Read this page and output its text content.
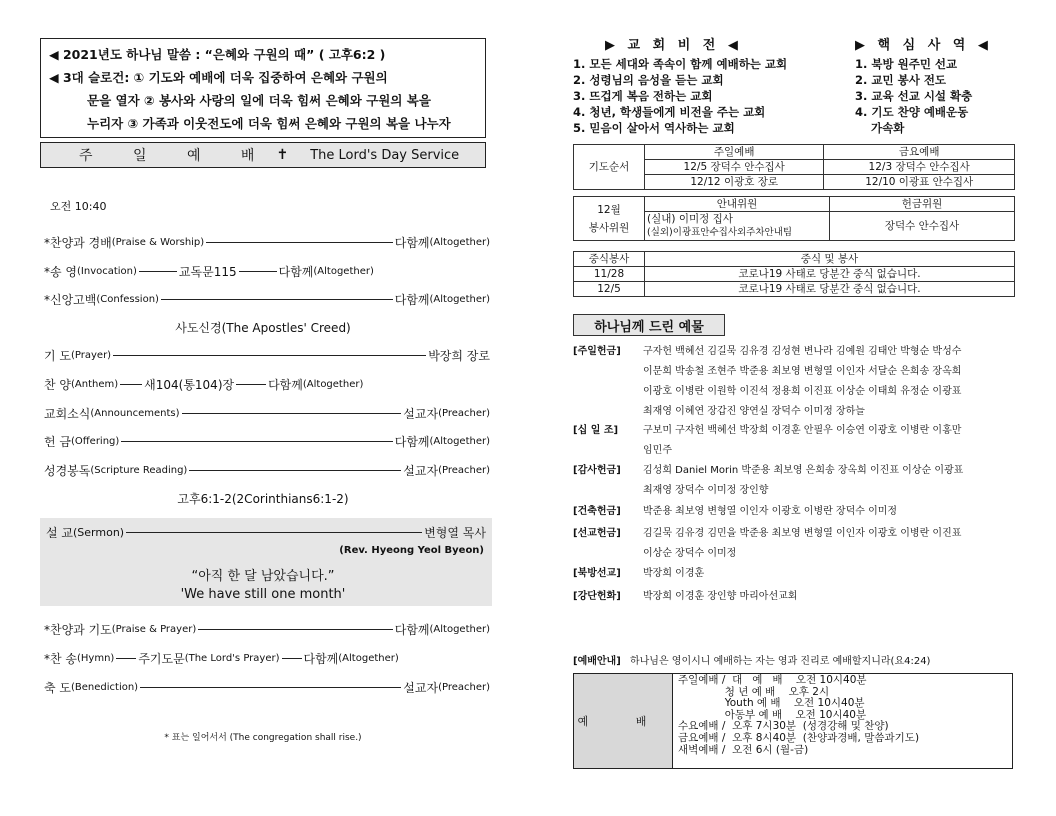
◀ 2021년도 하나님 말씀 : “은혜와 구원의 때” ( 고후6:2 )
◀ 3대 슬로건: ① 기도와 예배에 더욱 집중하여 은혜와 구원의
문을 열자 ② 봉사와 사랑의 일에 더욱 힘써 은혜와 구원의 복을
누리자 ③ 가족과 이웃전도에 더욱 힘써 은혜와 구원의 복을 나누자
주 일 예 배 ✝ The Lord's Day Service
오전 10:40
*찬양과 경배 (Praise & Worship)	다함께 (Altogether)
*송 영 (Invocation)	교독문115	다함께 (Altogether)
*신앙고백 (Confession)	다함께 (Altogether)
사도신경(The Apostles' Creed)
기 도 (Prayer)	박장희 장로
찬 양 (Anthem) 새104(통104)장	다함께 (Altogether)
교회소식 (Announcements)	설교자 (Preacher)
헌 금 (Offering)	다함께 (Altogether)
성경봉독 (Scripture Reading)	설교자 (Preacher)
고후6:1-2(2Corinthians6:1-2)
설 교 (Sermon)	변형열 목사
(Rev. Hyeong Yeol Byeon)
“아직 한 달 남았습니다.”
'We have still one month'
*찬양과 기도 (Praise & Prayer)	다함께 (Altogether)
*찬 송 (Hymn) 주기도문 (The Lord's Prayer) 다함께 (Altogether)
축 도 (Benediction)	설교자 (Preacher)
* 표는 일어서서 (The congregation shall rise.)
▶ 교 회 비 전 ◀
1. 모든 세대와 족속이 함께 예배하는 교회
2. 성령님의 음성을 듣는 교회
3. 뜨겁게 복음 전하는 교회
4. 청년, 학생들에게 비전을 주는 교회
5. 믿음이 살아서 역사하는 교회
▶ 핵 심 사 역 ◀
1. 북방 원주민 선교
2. 교민 봉사 전도
3. 교육 선교 시설 확충
4. 기도 찬양 예배운동
가속화
기도순서	주일예배	금요예배
	12/5 장덕수 안수집사	12/3 장덕수 안수집사
	12/12 이광호 장로	12/10 이광표 안수집사
12월
봉사위원	안내위원	헌금위원
	(실내) 이미정 집사	장덕수 안수집사
	(실외)이광표안수집사외주차안내팀	
중식봉사	중식 및 봉사
11/28	코로나19 사태로 당분간 중식 없습니다.
12/5	코로나19 사태로 당분간 중식 없습니다.
하나님께 드린 예물
[주일헌금]	구자헌 백혜선 김길묵 김유경 김성현 변나라 김예원 김태안 박형순 박성수
이문희 박송철 조현주 박준용 최보영 변형열 이인자 서달순 은희송 장옥희
이광호 이병란 이원학 이진석 정용희 이진표 이상순 이태희 유정순 이광표
최재영 이혜연 장갑진 양연실 장덕수 이미정 장하늘
[십 일 조]	구보미 구자헌 백혜선 박장희 이경훈 안필우 이승연 이광호 이병란 이홍만
임민주
[감사헌금]	김성희 Daniel Morin 박준용 최보영 은희송 장옥희 이진표 이상순 이광표
최재영 장덕수 이미정 장인향
[건축헌금]	박준용 최보영 변형열 이인자 이광호 이병란 장덕수 이미정
[선교헌금]	김길묵 김유경 김민을 박준용 최보영 변형열 이인자 이광호 이병란 이진표
이상순 장덕수 이미정
[북방선교]	박장희 이경훈
[강단헌화]	박장희 이경훈 장인향 마리아선교회
[예배안내] 하나님은 영이시니 예배하는 자는 영과 진리로 예배할지니라(요4:24)
예 배
주일예배 /  대   예   배    오전 10시40분
청 년 예 배    오후 2시
Youth 예 배    오전 10시40분
아동부 예 배    오전 10시40분
수요예배 /  오후 7시30분  (성경강해 및 찬양)
금요예배 /  오후 8시40분  (찬양과경배, 말씀과기도)
새벽예배 /  오전 6시 (월-금)
